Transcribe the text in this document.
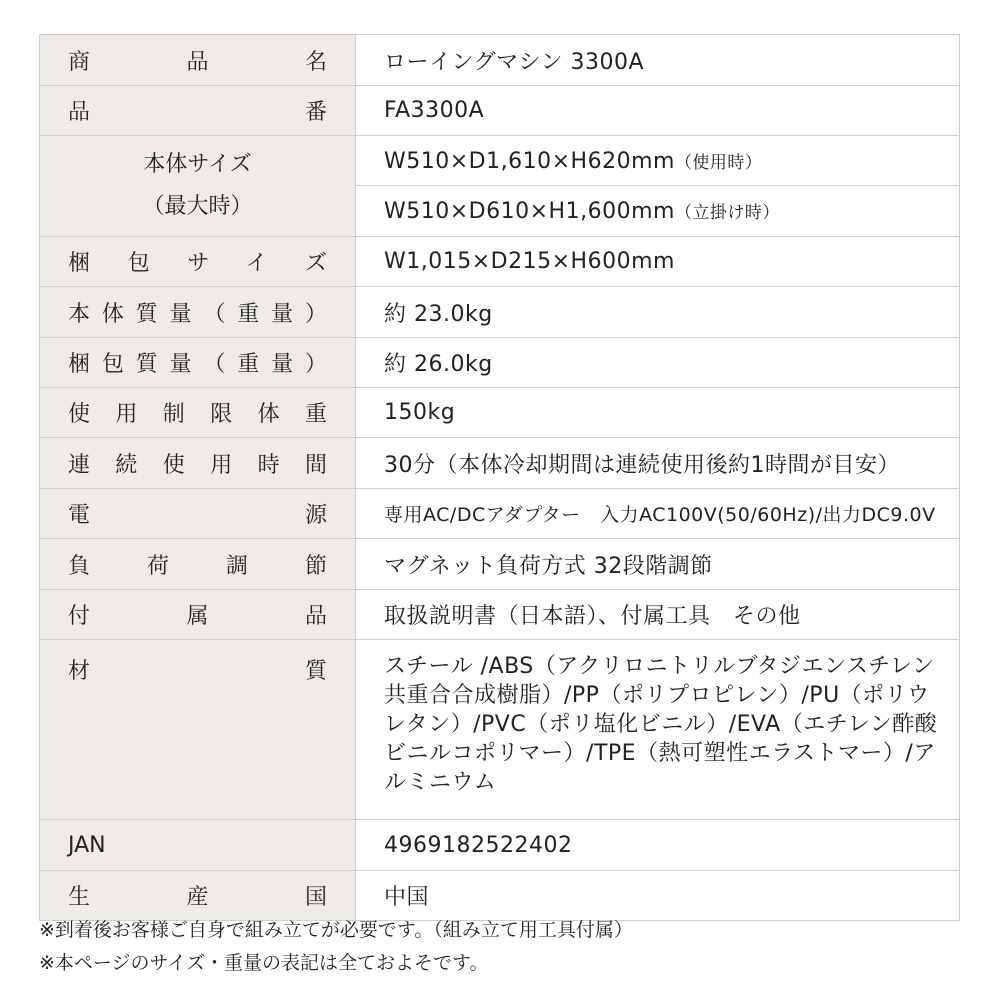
商品名	ローイングマシン 3300A
品番	FA3300A

本体サイズ
（最大時）	W510×D1,610×H620mm（使用時）
	W510×D610×H1,600mm（立掛け時）
梱包サイズ	W1,015×D215×H600mm
本体質量（重量）	約 23.0kg
梱包質量（重量）	約 26.0kg
使用制限体重	150kg
連続使用時間	30分（本体冷却期間は連続使用後約1時間が目安）
電源	専用AC/DCアダプター　入力AC100V(50/60Hz)/出力DC9.0V
負荷調節	マグネット負荷方式 32段階調節
付属品	取扱説明書（日本語）、付属工具　その他
材質	スチール /ABS（アクリロニトリルブタジエンスチレン共重合合成樹脂）/PP（ポリプロピレン）/PU（ポリウレタン）/PVC（ポリ塩化ビニル）/EVA（エチレン酢酸ビニルコポリマー）/TPE（熱可塑性エラストマー）/アルミニウム
JAN	4969182522402
生産国	中国
※到着後お客様ご自身で組み立てが必要です。（組み立て用工具付属）
※本ページのサイズ・重量の表記は全ておよそです。
